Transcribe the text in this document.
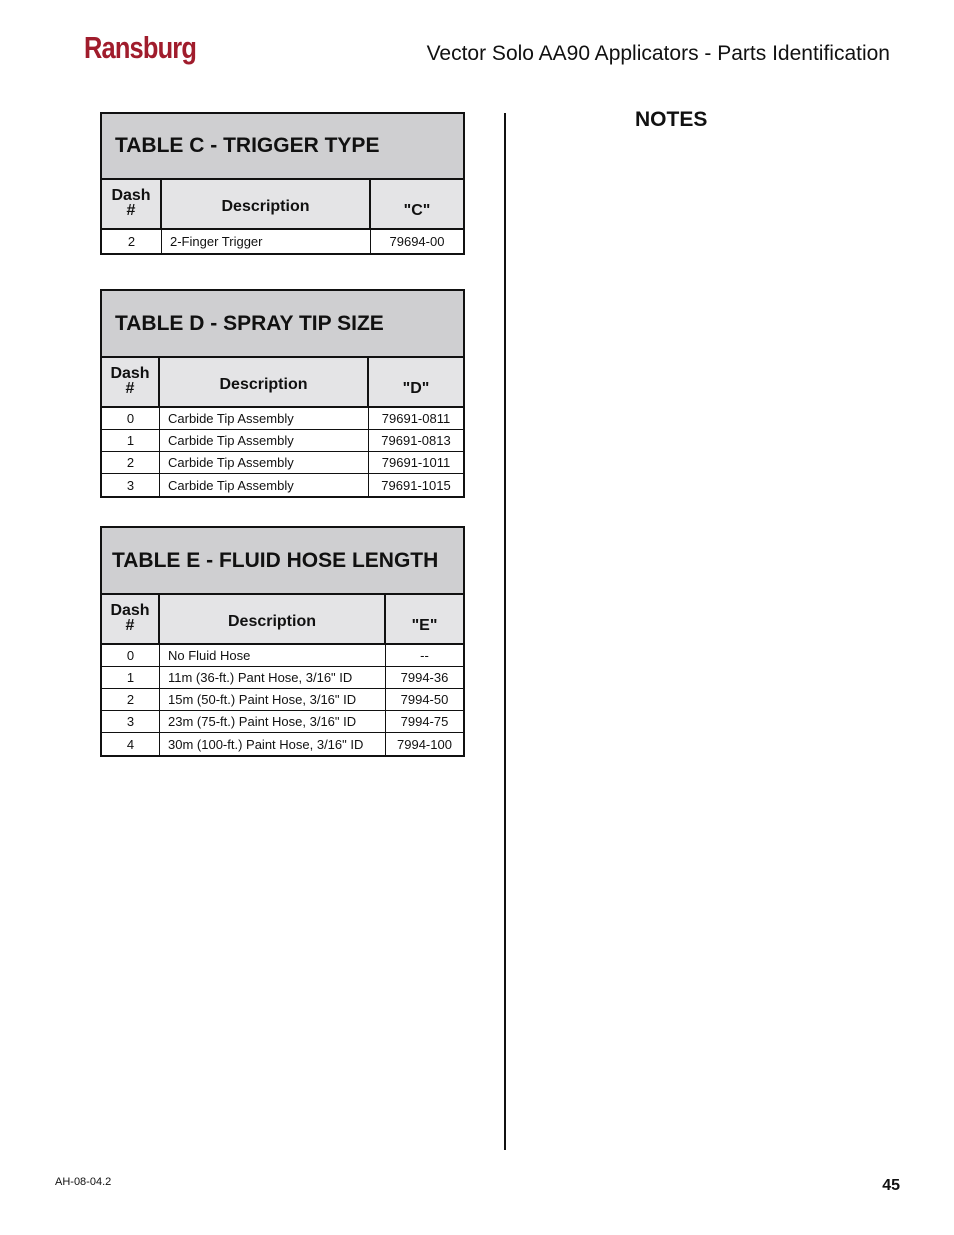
Ransburg	Vector Solo AA90 Applicators - Parts Identification
NOTES
TABLE C - TRIGGER TYPE
Dash
#	Description	"C"
2	2-Finger Trigger	79694-00
TABLE D - SPRAY TIP SIZE
Dash
#	Description	"D"
0	Carbide Tip Assembly	79691-0811
1	Carbide Tip Assembly	79691-0813
2	Carbide Tip Assembly	79691-1011
3	Carbide Tip Assembly	79691-1015
TABLE E - FLUID HOSE LENGTH
Dash
#	Description	"E"
0	No Fluid Hose	--
1	11m (36-ft.) Pant Hose, 3/16" ID	7994-36
2	15m (50-ft.) Paint Hose, 3/16" ID	7994-50
3	23m (75-ft.) Paint Hose, 3/16" ID	7994-75
4	30m (100-ft.) Paint Hose, 3/16" ID	7994-100
AH-08-04.2	45
